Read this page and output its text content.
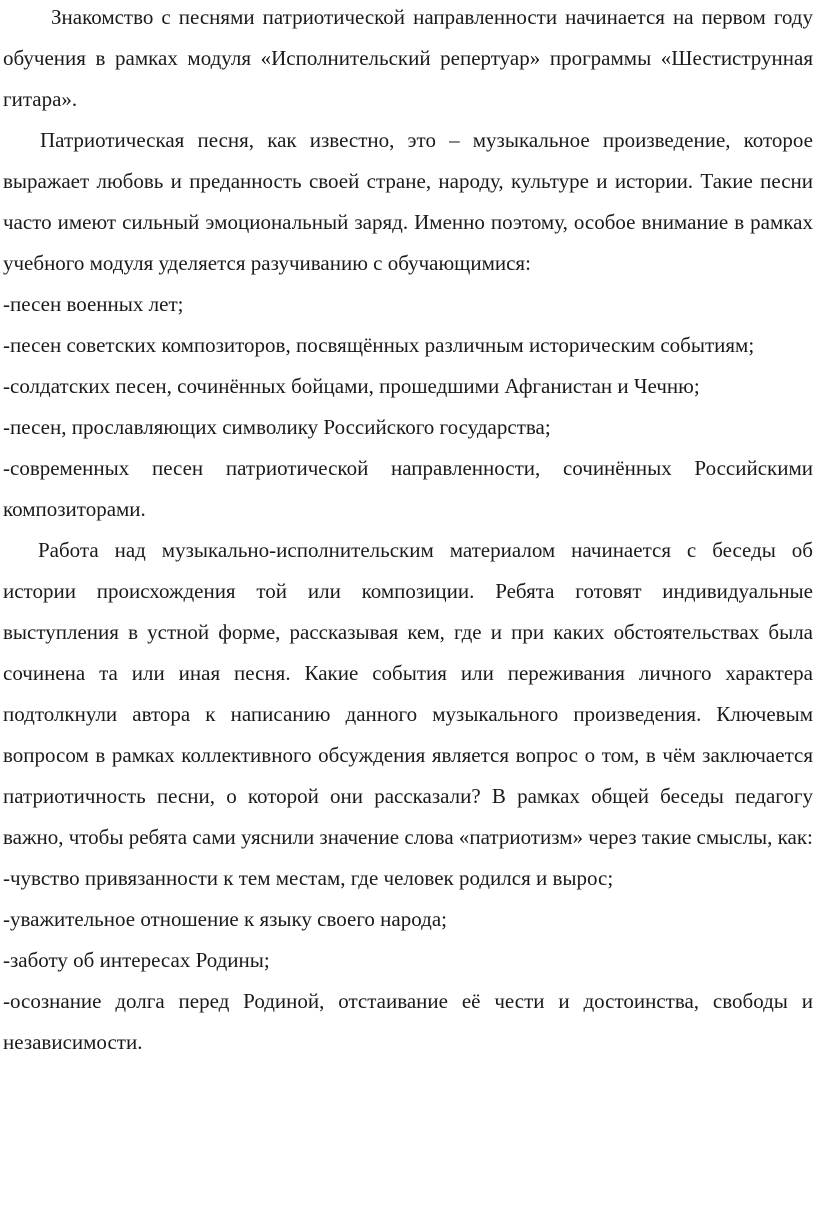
Знакомство с песнями патриотической направленности начинается на первом году обучения в рамках модуля «Исполнительский репертуар» программы «Шестиструнная гитара».

Патриотическая песня, как известно, это – музыкальное произведение, которое выражает любовь и преданность своей стране, народу, культуре и истории. Такие песни часто имеют сильный эмоциональный заряд. Именно поэтому, особое внимание в рамках учебного модуля уделяется разучиванию с обучающимися:

-песен военных лет;
-песен советских композиторов, посвящённых различным историческим событиям;
-солдатских песен, сочинённых бойцами, прошедшими Афганистан и Чечню;
-песен, прославляющих символику Российского государства;
-современных песен патриотической направленности, сочинённых Российскими композиторами.

Работа над музыкально-исполнительским материалом начинается с беседы об истории происхождения той или композиции. Ребята готовят индивидуальные выступления в устной форме, рассказывая кем, где и при каких обстоятельствах была сочинена та или иная песня. Какие события или переживания личного характера подтолкнули автора к написанию данного музыкального произведения. Ключевым вопросом в рамках коллективного обсуждения является вопрос о том, в чём заключается патриотичность песни, о которой они рассказали? В рамках общей беседы педагогу важно, чтобы ребята сами уяснили значение слова «патриотизм» через такие смыслы, как:

-чувство привязанности к тем местам, где человек родился и вырос;
-уважительное отношение к языку своего народа;
-заботу об интересах Родины;
-осознание долга перед Родиной, отстаивание её чести и достоинства, свободы и независимости.
